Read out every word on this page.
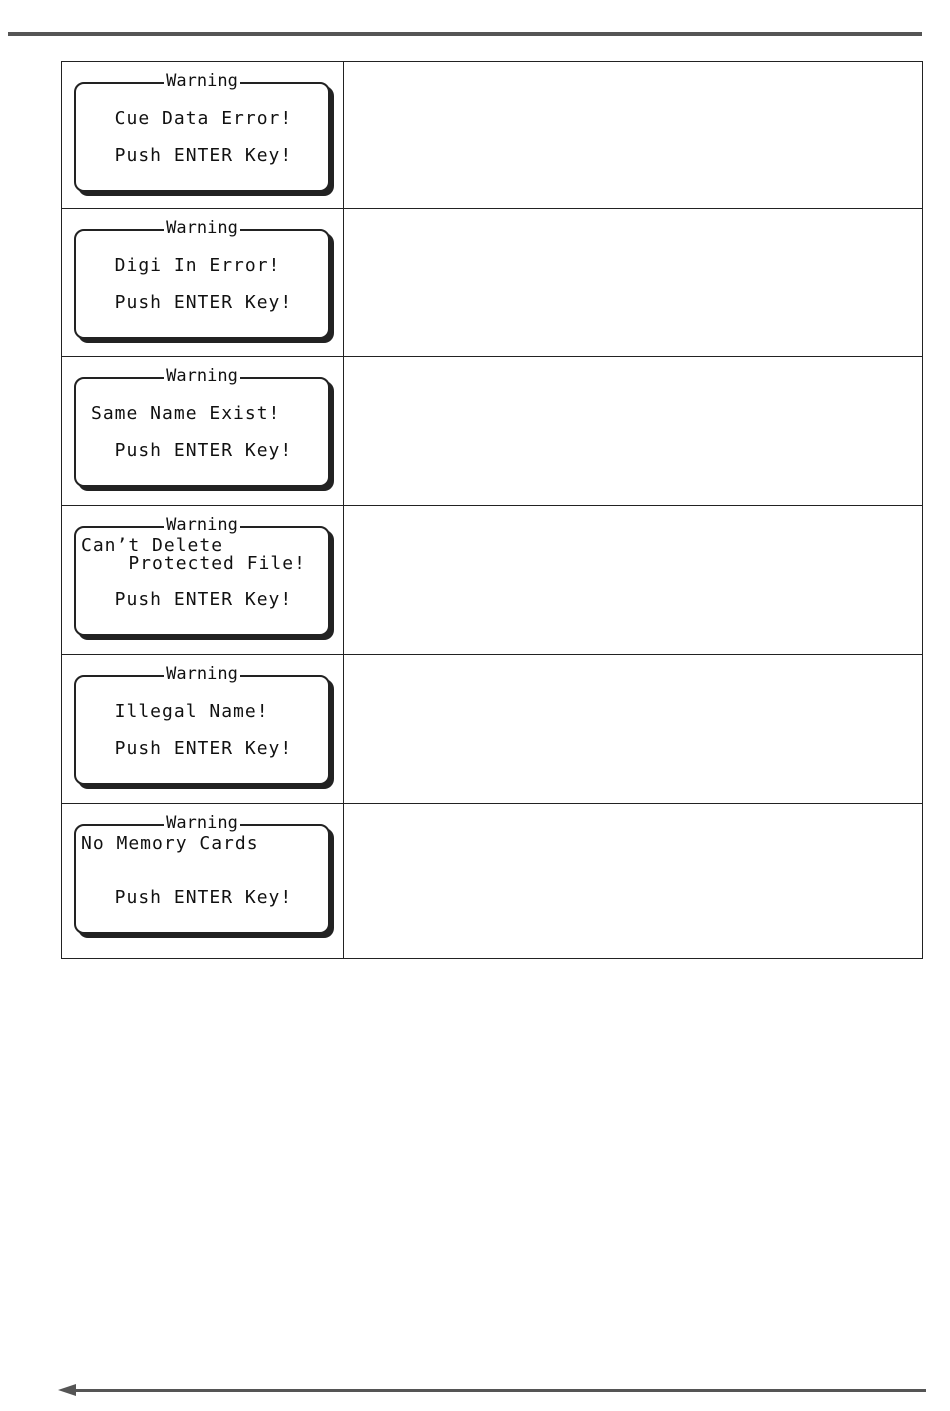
Warning
Cue Data Error!
Push ENTER Key!	

Warning
Digi In Error!
Push ENTER Key!	

Warning
Same Name Exist!
Push ENTER Key!	

Warning
Can’t Delete
Protected File!
Push ENTER Key!	

Warning
Illegal Name!
Push ENTER Key!	

Warning
No Memory Cards
Push ENTER Key!	
